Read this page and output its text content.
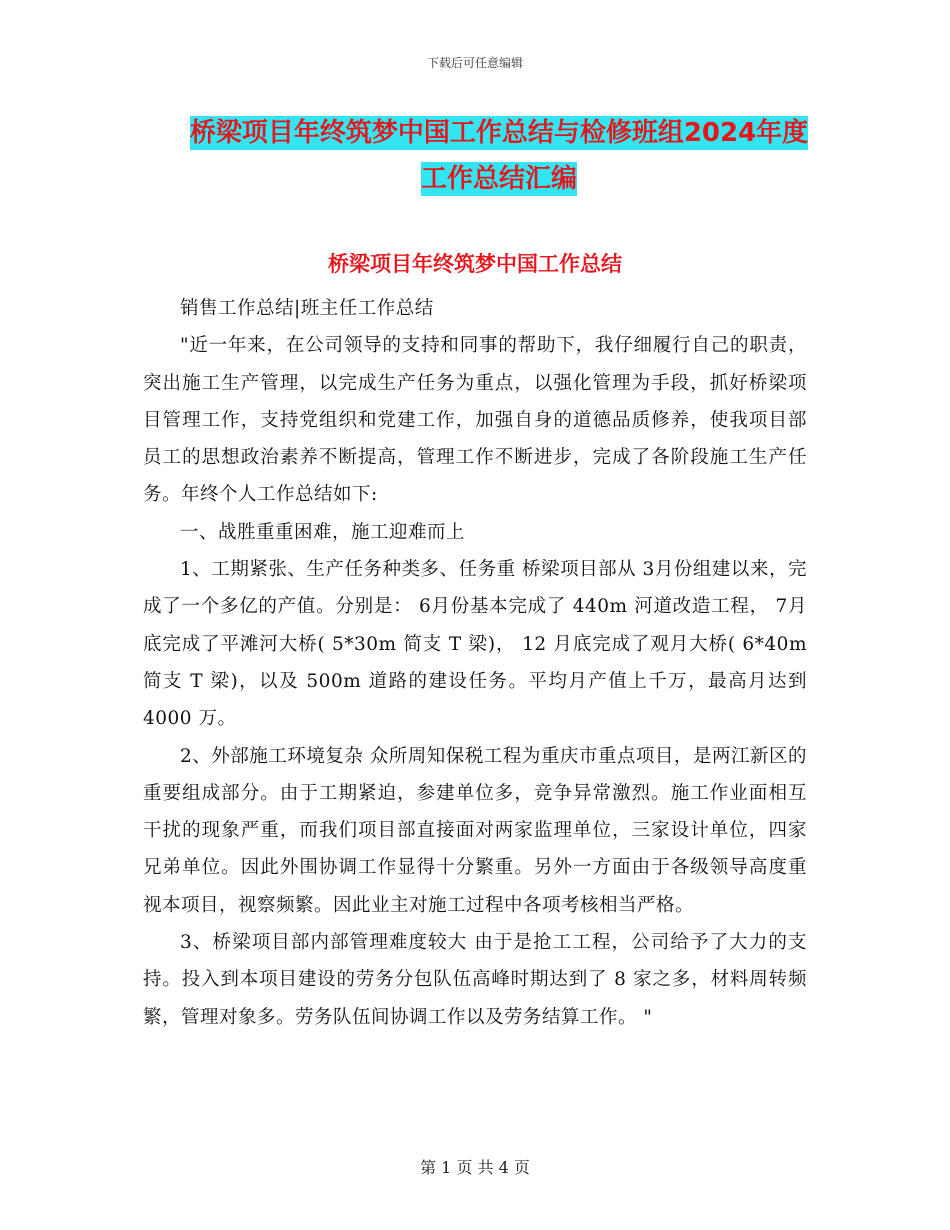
下载后可任意编辑
桥梁项目年终筑梦中国工作总结与检修班组2024年度
工作总结汇编
桥梁项目年终筑梦中国工作总结

销售工作总结|班主任工作总结

"近一年来，在公司领导的支持和同事的帮助下，我仔细履行自己的职责，突出施工生产管理，以完成生产任务为重点，以强化管理为手段，抓好桥梁项目管理工作，支持党组织和党建工作，加强自身的道德品质修养，使我项目部员工的思想政治素养不断提高，管理工作不断进步，完成了各阶段施工生产任务。年终个人工作总结如下:

一、战胜重重困难，施工迎难而上

1、工期紧张、生产任务种类多、任务重 桥梁项目部从 3月份组建以来，完成了一个多亿的产值。分别是： 6月份基本完成了 440m 河道改造工程， 7月底完成了平滩河大桥( 5*30m 简支 T 梁)， 12 月底完成了观月大桥( 6*40m 简支 T 梁)，以及 500m 道路的建设任务。平均月产值上千万，最高月达到 4000 万。

2、外部施工环境复杂 众所周知保税工程为重庆市重点项目，是两江新区的重要组成部分。由于工期紧迫，参建单位多，竞争异常激烈。施工作业面相互干扰的现象严重，而我们项目部直接面对两家监理单位，三家设计单位，四家兄弟单位。因此外围协调工作显得十分繁重。另外一方面由于各级领导高度重视本项目，视察频繁。因此业主对施工过程中各项考核相当严格。

3、桥梁项目部内部管理难度较大 由于是抢工工程，公司给予了大力的支持。投入到本项目建设的劳务分包队伍高峰时期达到了 8 家之多，材料周转频繁，管理对象多。劳务队伍间协调工作以及劳务结算工作。 "

第 1 页 共 4 页
